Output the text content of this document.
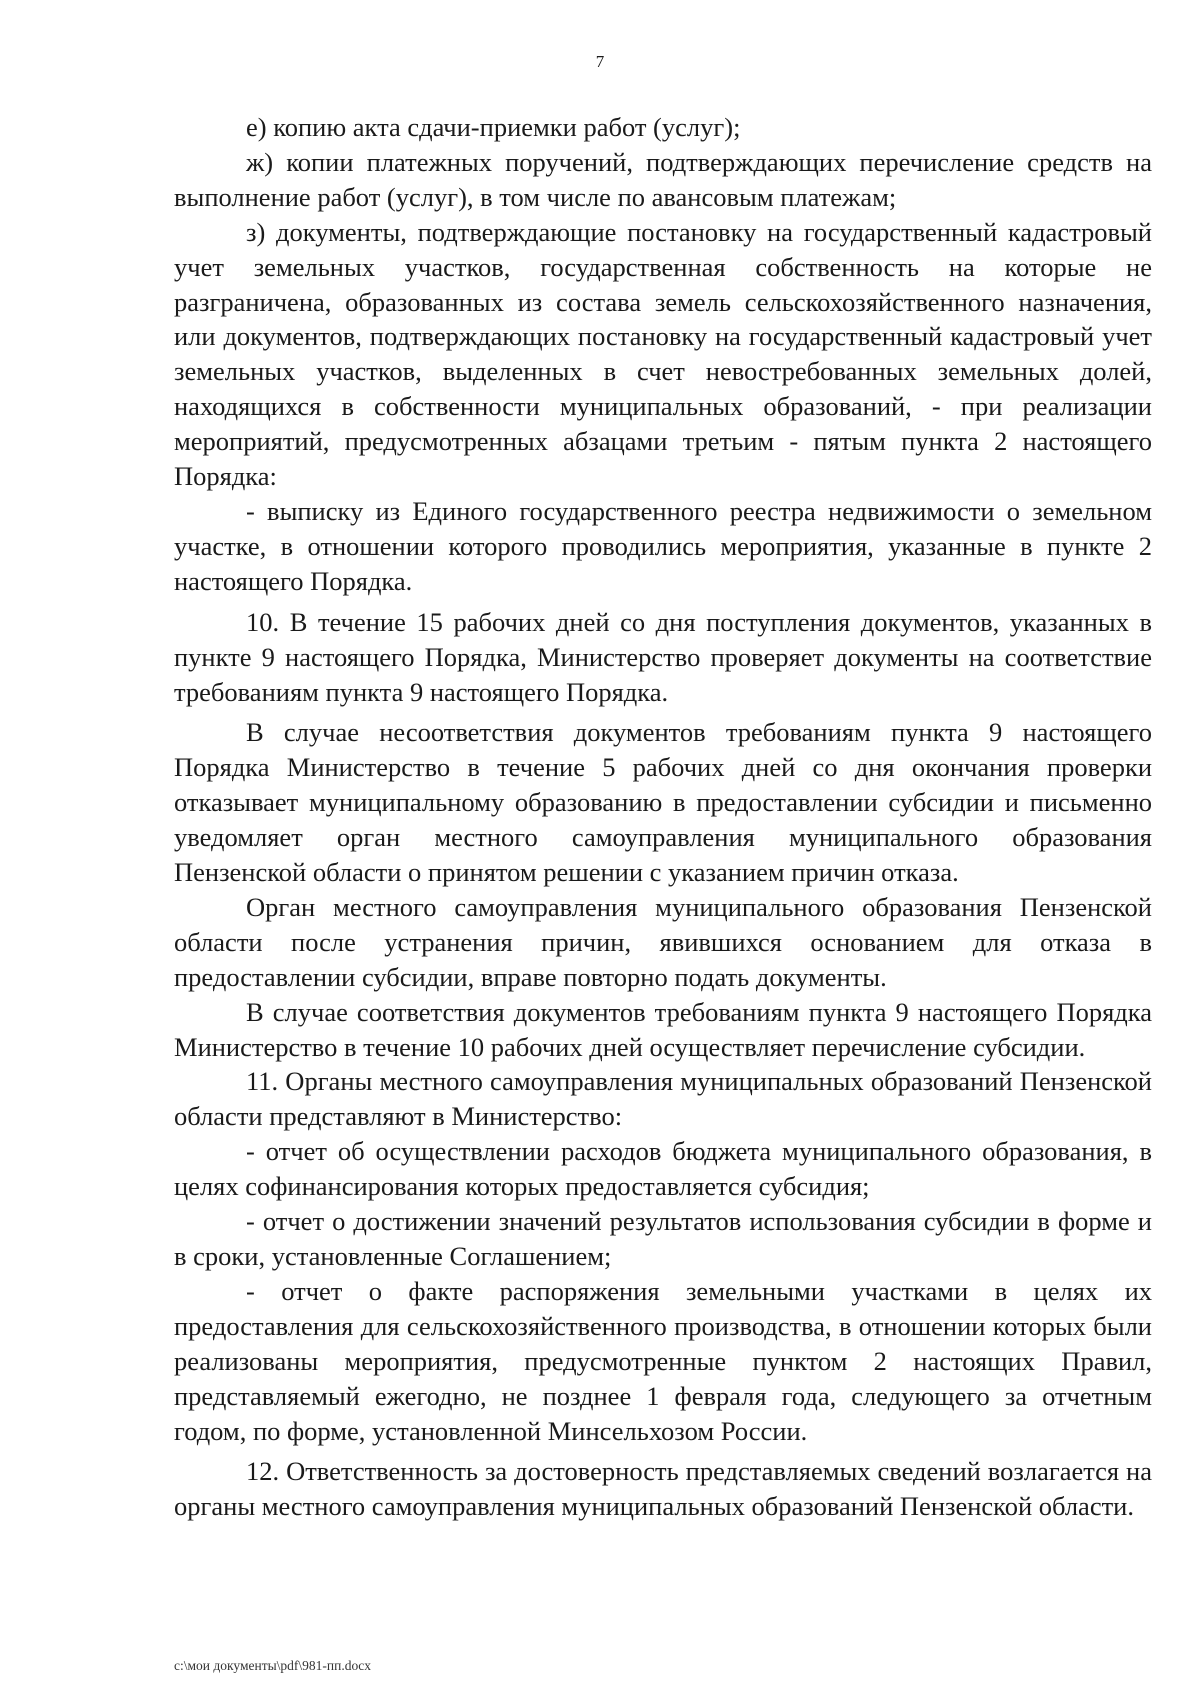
7

е) копию акта сдачи-приемки работ (услуг);

ж) копии платежных поручений, подтверждающих перечисление средств на выполнение работ (услуг), в том числе по авансовым платежам;

з) документы, подтверждающие постановку на государственный кадастровый учет земельных участков, государственная собственность на которые не разграничена, образованных из состава земель сельскохозяйственного назначения, или документов, подтверждающих постановку на государственный кадастровый учет земельных участков, выделенных в счет невостребованных земельных долей, находящихся в собственности муниципальных образований, - при реализации мероприятий, предусмотренных абзацами третьим - пятым пункта 2 настоящего Порядка:

- выписку из Единого государственного реестра недвижимости о земельном участке, в отношении которого проводились мероприятия, указанные в пункте 2 настоящего Порядка.

10. В течение 15 рабочих дней со дня поступления документов, указанных в пункте 9 настоящего Порядка, Министерство проверяет документы на соответствие требованиям пункта 9 настоящего Порядка.

В случае несоответствия документов требованиям пункта 9 настоящего Порядка Министерство в течение 5 рабочих дней со дня окончания проверки отказывает муниципальному образованию в предоставлении субсидии и письменно уведомляет орган местного самоуправления муниципального образования Пензенской области о принятом решении с указанием причин отказа.

Орган местного самоуправления муниципального образования Пензенской области после устранения причин, явившихся основанием для отказа в предоставлении субсидии, вправе повторно подать документы.

В случае соответствия документов требованиям пункта 9 настоящего Порядка Министерство в течение 10 рабочих дней осуществляет перечисление субсидии.

11. Органы местного самоуправления муниципальных образований Пензенской области представляют в Министерство:

- отчет об осуществлении расходов бюджета муниципального образования, в целях софинансирования которых предоставляется субсидия;

- отчет о достижении значений результатов использования субсидии в форме и в сроки, установленные Соглашением;

- отчет о факте распоряжения земельными участками в целях их предоставления для сельскохозяйственного производства, в отношении которых были реализованы мероприятия, предусмотренные пунктом 2 настоящих Правил, представляемый ежегодно, не позднее 1 февраля года, следующего за отчетным годом, по форме, установленной Минсельхозом России.

12. Ответственность за достоверность представляемых сведений возлагается на органы местного самоуправления муниципальных образований Пензенской области.

c:\мои документы\pdf\981-пп.docx
